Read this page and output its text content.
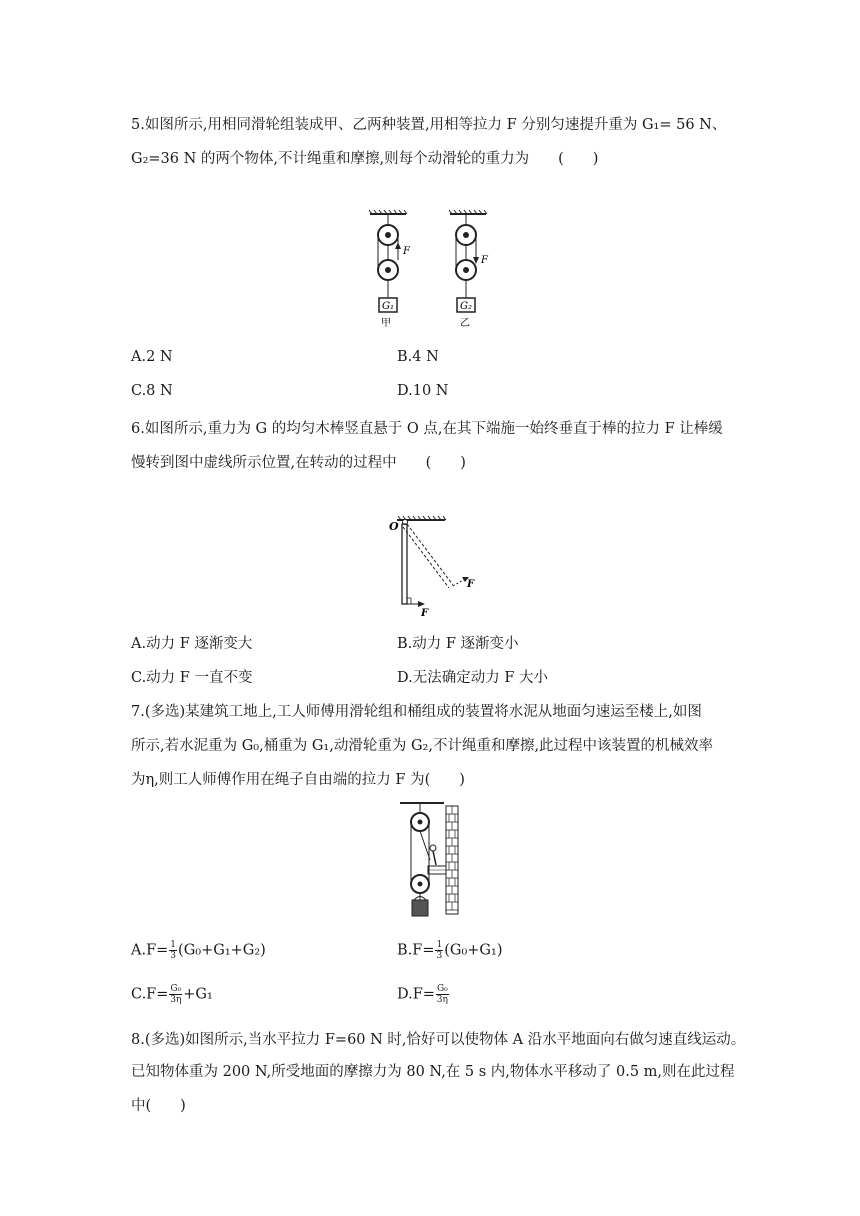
5.如图所示,用相同滑轮组装成甲、乙两种装置,用相等拉力 F 分别匀速提升重为 G₁= 56 N、
G₂=36 N 的两个物体,不计绳重和摩擦,则每个动滑轮的重力为　　(　　)
F
G₁
甲
F
G₂
乙
A.2 N	B.4 N
C.8 N	D.10 N
6.如图所示,重力为 G 的均匀木棒竖直悬于 O 点,在其下端施一始终垂直于棒的拉力 F 让棒缓
慢转到图中虚线所示位置,在转动的过程中　　(　　)
O
F
F
A.动力 F 逐渐变大	B.动力 F 逐渐变小
C.动力 F 一直不变	D.无法确定动力 F 大小
7.(多选)某建筑工地上,工人师傅用滑轮组和桶组成的装置将水泥从地面匀速运至楼上,如图
所示,若水泥重为 G₀,桶重为 G₁,动滑轮重为 G₂,不计绳重和摩擦,此过程中该装置的机械效率
为η,则工人师傅作用在绳子自由端的拉力 F 为(　　)
$A.F= \frac{1}{3} (G_0+G_1+G_2)$	$B.F= \frac{1}{3} (G_0+G_1)$
$C.F= \frac{\text{G₀}}{3\eta} +G_1$	$D.F= \frac{\text{G₀}}{3\eta}$
8.(多选)如图所示,当水平拉力 F=60 N 时,恰好可以使物体 A 沿水平地面向右做匀速直线运动。
已知物体重为 200 N,所受地面的摩擦力为 80 N,在 5 s 内,物体水平移动了 0.5 m,则在此过程
中(　　)
